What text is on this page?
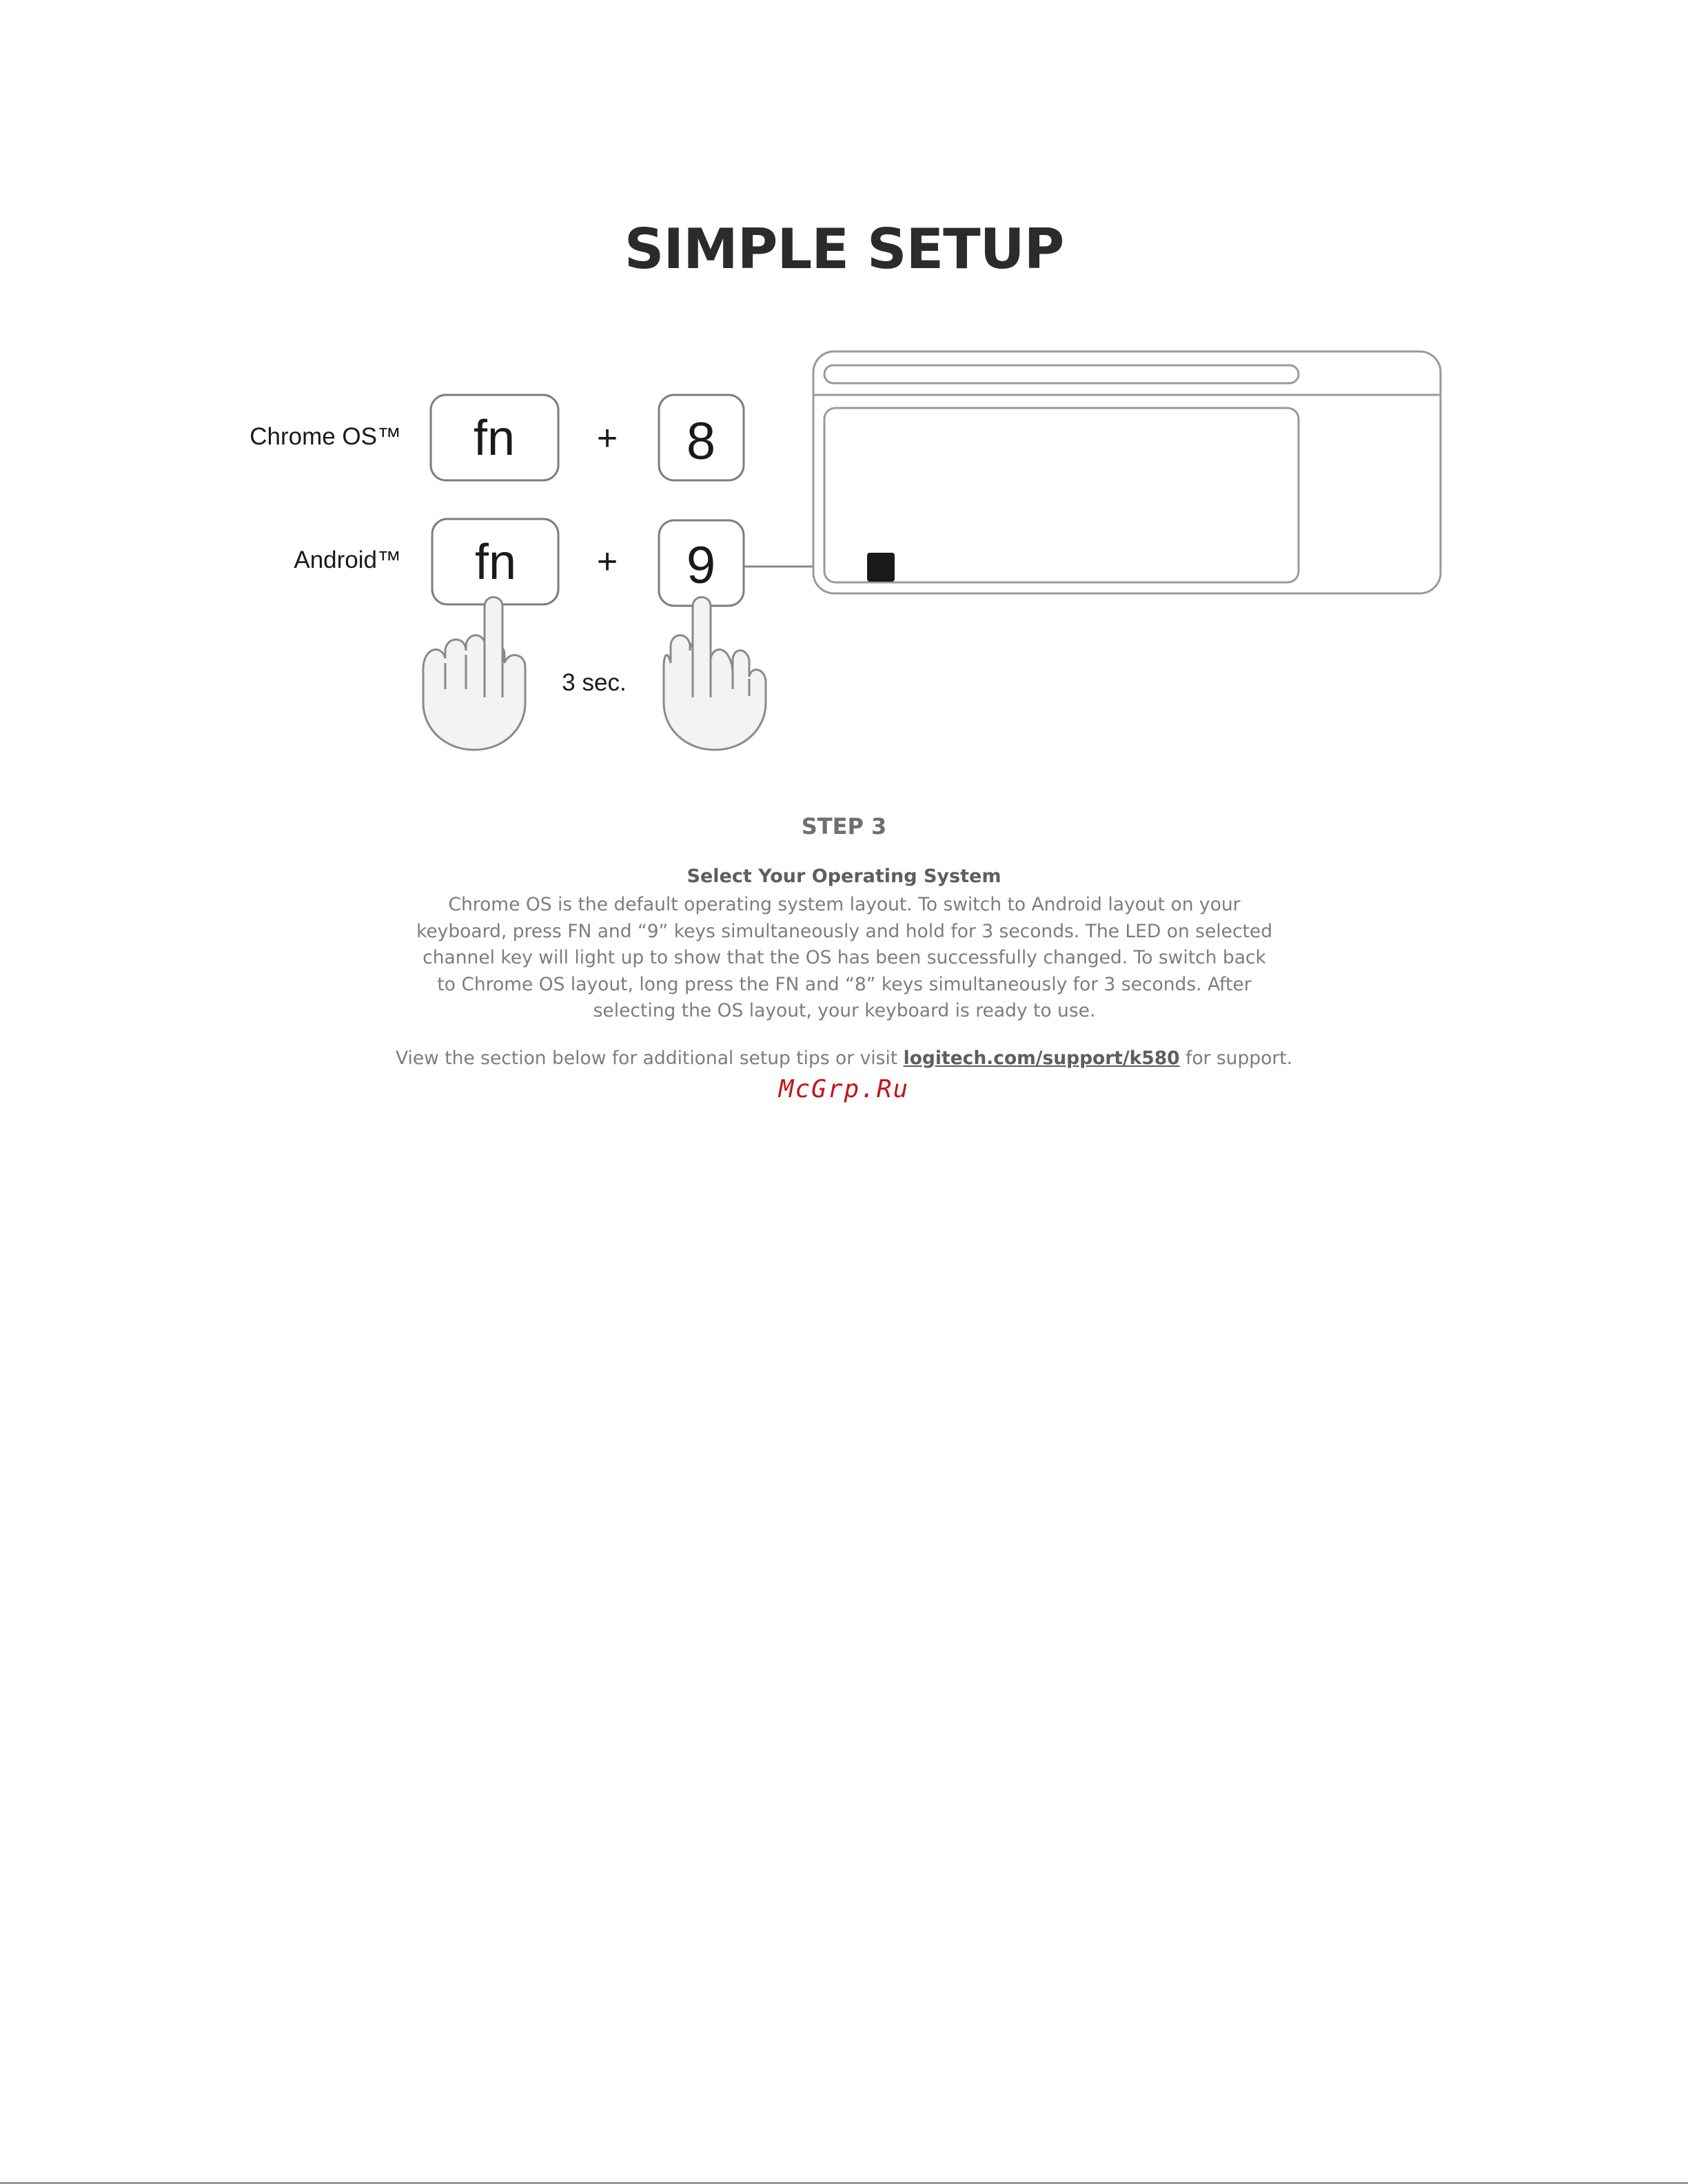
SIMPLE SETUP
Chrome OS™
Android™
fn + 8
fn + 9
3 sec.

STEP 3

Select Your Operating System

Chrome OS is the default operating system layout. To switch to Android layout on your keyboard, press FN and “9” keys simultaneously and hold for 3 seconds. The LED on selected channel key will light up to show that the OS has been successfully changed. To switch back to Chrome OS layout, long press the FN and “8” keys simultaneously for 3 seconds. After selecting the OS layout, your keyboard is ready to use.

View the section below for additional setup tips or visit logitech.com/support/k580 for support.

McGrp.Ru
